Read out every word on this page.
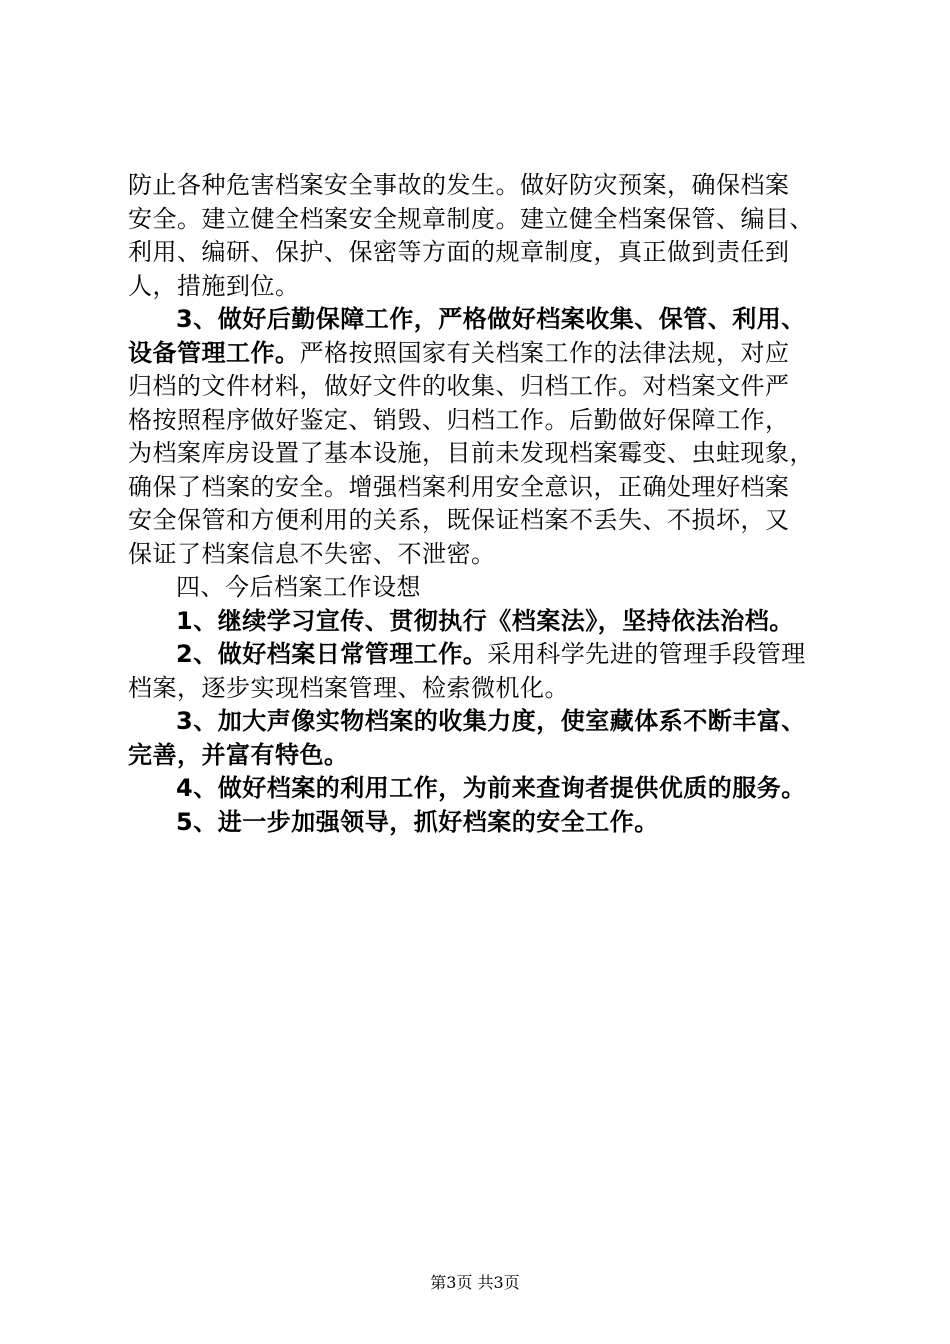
防止各种危害档案安全事故的发生。做好防灾预案，确保档案
安全。建立健全档案安全规章制度。建立健全档案保管、编目、
利用、编研、保护、保密等方面的规章制度，真正做到责任到
人，措施到位。
3、做好后勤保障工作，严格做好档案收集、保管、利用、
设备管理工作。严格按照国家有关档案工作的法律法规，对应
归档的文件材料，做好文件的收集、归档工作。对档案文件严
格按照程序做好鉴定、销毁、归档工作。后勤做好保障工作，
为档案库房设置了基本设施，目前未发现档案霉变、虫蛀现象，
确保了档案的安全。增强档案利用安全意识，正确处理好档案
安全保管和方便利用的关系，既保证档案不丢失、不损坏，又
保证了档案信息不失密、不泄密。
四、今后档案工作设想
1、继续学习宣传、贯彻执行《档案法》，坚持依法治档。
2、做好档案日常管理工作。采用科学先进的管理手段管理
档案，逐步实现档案管理、检索微机化。
3、加大声像实物档案的收集力度，使室藏体系不断丰富、
完善，并富有特色。
4、做好档案的利用工作，为前来查询者提供优质的服务。
5、进一步加强领导，抓好档案的安全工作。
第3页 共3页
